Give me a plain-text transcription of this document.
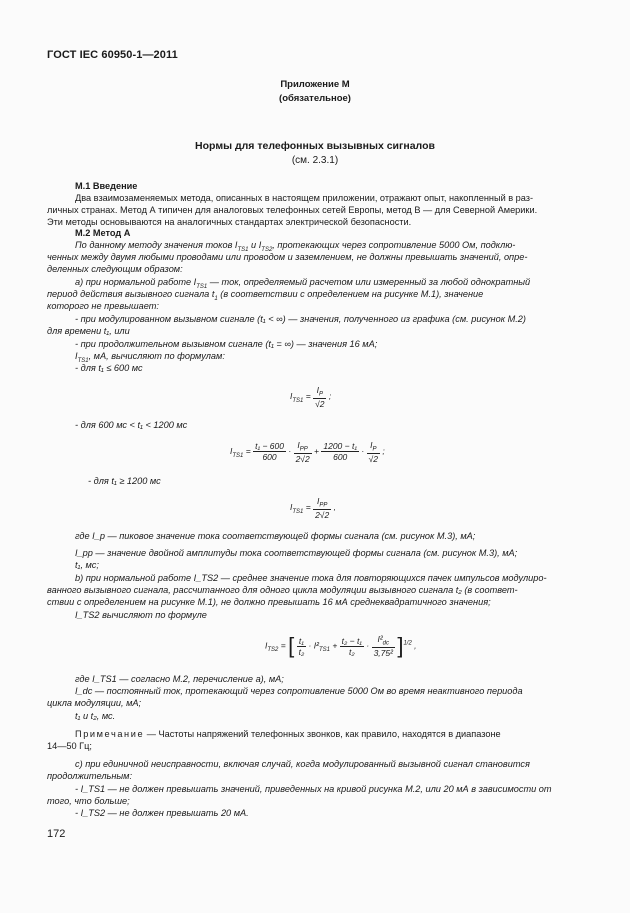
ГОСТ IEC 60950-1—2011
Приложение М
(обязательное)
Нормы для телефонных вызывных сигналов
(см. 2.3.1)
М.1 Введение
Два взаимозаменяемых метода, описанных в настоящем приложении, отражают опыт, накопленный в раз-
личных странах. Метод А типичен для аналоговых телефонных сетей Европы, метод В — для Северной Америки.
Эти методы основываются на аналогичных стандартах электрической безопасности.
М.2 Метод А
По данному методу значения токов $I_{TS1}$ и $I_{TS2}$, протекающих через сопротивление 5000 Ом, подклю-
ченных между двумя любыми проводами или проводом и заземлением, не должны превышать значений, опре-
деленных следующим образом:
а) при нормальной работе $I_{TS1}$ — ток, определяемый расчетом или измеренный за любой однократный
период действия вызывного сигнала $t_1$ (в соответствии с определением на рисунке М.1), значение
которого не превышает:
- при модулированном вызывном сигнале (t₁ < ∞) — значения, полученного из графика (см. рисунок М.2)
для времени t₁, или
- при продолжительном вызывном сигнале (t₁ = ∞) — значения 16 мА;
$I_{TS1}$, мА, вычисляют по формулам:
- для t₁ ≤ 600 мс
$I_{TS1} = \frac{I_P}{√2}$ ;
- для 600 мс < t₁ < 1200 мс
$I_{TS1} = \frac{\text{t₁ − 600}}{600} \cdot \frac{I_{PP}}{2√2} + \frac{\text{1200 − t₁}}{600} \cdot \frac{I_P}{√2}$ ;
- для t₁ ≥ 1200 мс
$I_{TS1} = \frac{I_{PP}}{2√2}$ ,
где I_p — пиковое значение тока соответствующей формы сигнала (см. рисунок М.3), мА;
I_pp — значение двойной амплитуды тока соответствующей формы сигнала (см. рисунок М.3), мА;
t₁, мс;
b) при нормальной работе I_TS2 — среднее значение тока для повторяющихся пачек импульсов модулиро-
ванного вызывного сигнала, рассчитанного для одного цикла модуляции вызывного сигнала t₂ (в соответ-
ствии с определением на рисунке М.1), не должно превышать 16 мА среднеквадратичного значения;
I_TS2 вычисляют по формуле
$I_{TS2}$ = [ $\frac{\text{t₁}}{\text{t₂}} \cdot I^2_{TS1} + \frac{\text{t₂ − t₁}}{\text{t₂}} \cdot \frac{I^2_{dc}}{\text{3,75²}} ]^{1/2}$ ,
где I_TS1 — согласно М.2, перечисление а), мА;
I_dc — постоянный ток, протекающий через сопротивление 5000 Ом во время неактивного периода
цикла модуляции, мА;
t₁ и t₂, мс.
Примечание — Частоты напряжений телефонных звонков, как правило, находятся в диапазоне
14—50 Гц;
с) при единичной неисправности, включая случай, когда модулированный вызывной сигнал становится
продолжительным:
- I_TS1 — не должен превышать значений, приведенных на кривой рисунка М.2, или 20 мА в зависимости от
того, что больше;
- I_TS2 — не должен превышать 20 мА.
172
